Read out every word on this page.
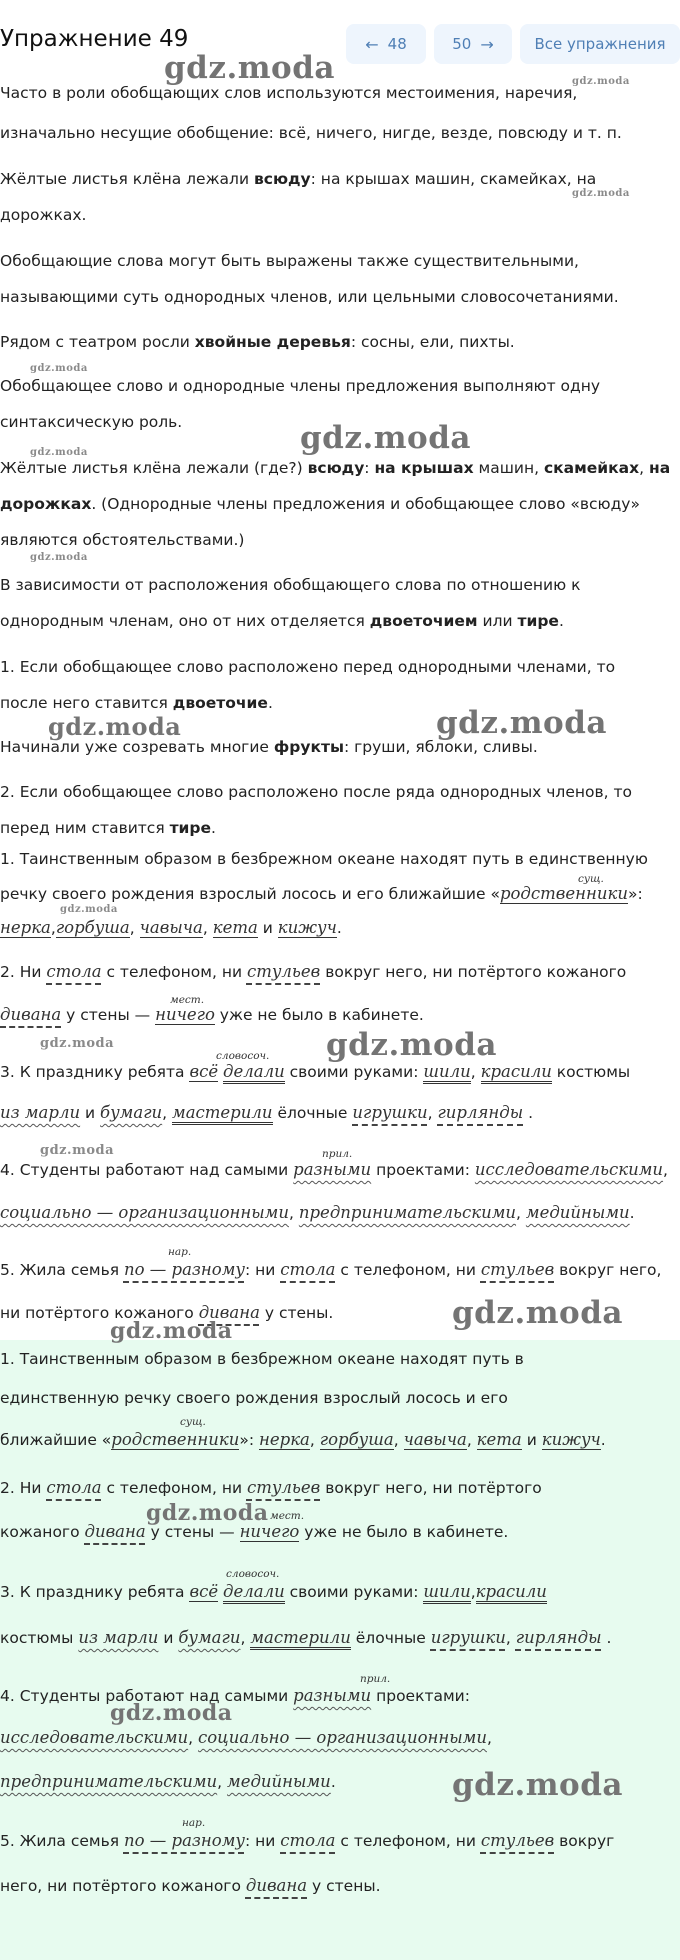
Упражнение 49	← 48	50 →	Все упражнения
Часто в роли обобщающих слов используются местоимения, наречия,
изначально несущие обобщение: всё, ничего, нигде, везде, повсюду и т. п.
Жёлтые листья клёна лежали всюду: на крышах машин, скамейках, на
дорожках.
Обобщающие слова могут быть выражены также существительными,
называющими суть однородных членов, или цельными словосочетаниями.
Рядом с театром росли хвойные деревья: сосны, ели, пихты.
Обобщающее слово и однородные члены предложения выполняют одну
синтаксическую роль.
Жёлтые листья клёна лежали (где?) всюду: на крышах машин, скамейках, на
дорожках. (Однородные члены предложения и обобщающее слово «всюду»
являются обстоятельствами.)
В зависимости от расположения обобщающего слова по отношению к
однородным членам, оно от них отделяется двоеточием или тире.
1. Если обобщающее слово расположено перед однородными членами, то
после него ставится двоеточие.
Начинали уже созревать многие фрукты: груши, яблоки, сливы.
2. Если обобщающее слово расположено после ряда однородных членов, то
перед ним ставится тире.
1. Таинственным образом в безбрежном океане находят путь в единственную
речку своего рождения взрослый лосось и его ближайшие «родственники»:
сущ.
нерка,горбуша, чавыча, кета и кижуч.
2. Ни стола с телефоном, ни стульев вокруг него, ни потёртого кожаного
дивана у стены — ничего уже не было в кабинете.
мест.
3. К празднику ребята всё делали своими руками: шили, красили костюмы
словосоч.
из марли и бумаги, мастерили ёлочные игрушки, гирлянды .
4. Студенты работают над самыми разными проектами: исследовательскими,
прил.
социально — организационными, предпринимательскими, медийными.
5. Жила семья по — разному: ни стола с телефоном, ни стульев вокруг него,
нар.
ни потёртого кожаного дивана у стены.
1. Таинственным образом в безбрежном океане находят путь в
единственную речку своего рождения взрослый лосось и его
ближайшие «родственники»: нерка, горбуша, чавыча, кета и кижуч.
сущ.
2. Ни стола с телефоном, ни стульев вокруг него, ни потёртого
кожаного дивана у стены — ничего уже не было в кабинете.
мест.
3. К празднику ребята всё делали своими руками: шили,красили
словосоч.
костюмы из марли и бумаги, мастерили ёлочные игрушки, гирлянды .
4. Студенты работают над самыми разными проектами:
прил.
исследовательскими, социально — организационными,
предпринимательскими, медийными.
5. Жила семья по — разному: ни стола с телефоном, ни стульев вокруг
нар.
него, ни потёртого кожаного дивана у стены.
gdz.moda	gdz.moda
gdz.moda
gdz.moda
gdz.moda
gdz.moda
gdz.moda
gdz.moda	gdz.moda
gdz.moda
gdz.moda	gdz.moda
gdz.moda
gdz.moda
gdz.moda
gdz.moda
gdz.moda
gdz.moda
